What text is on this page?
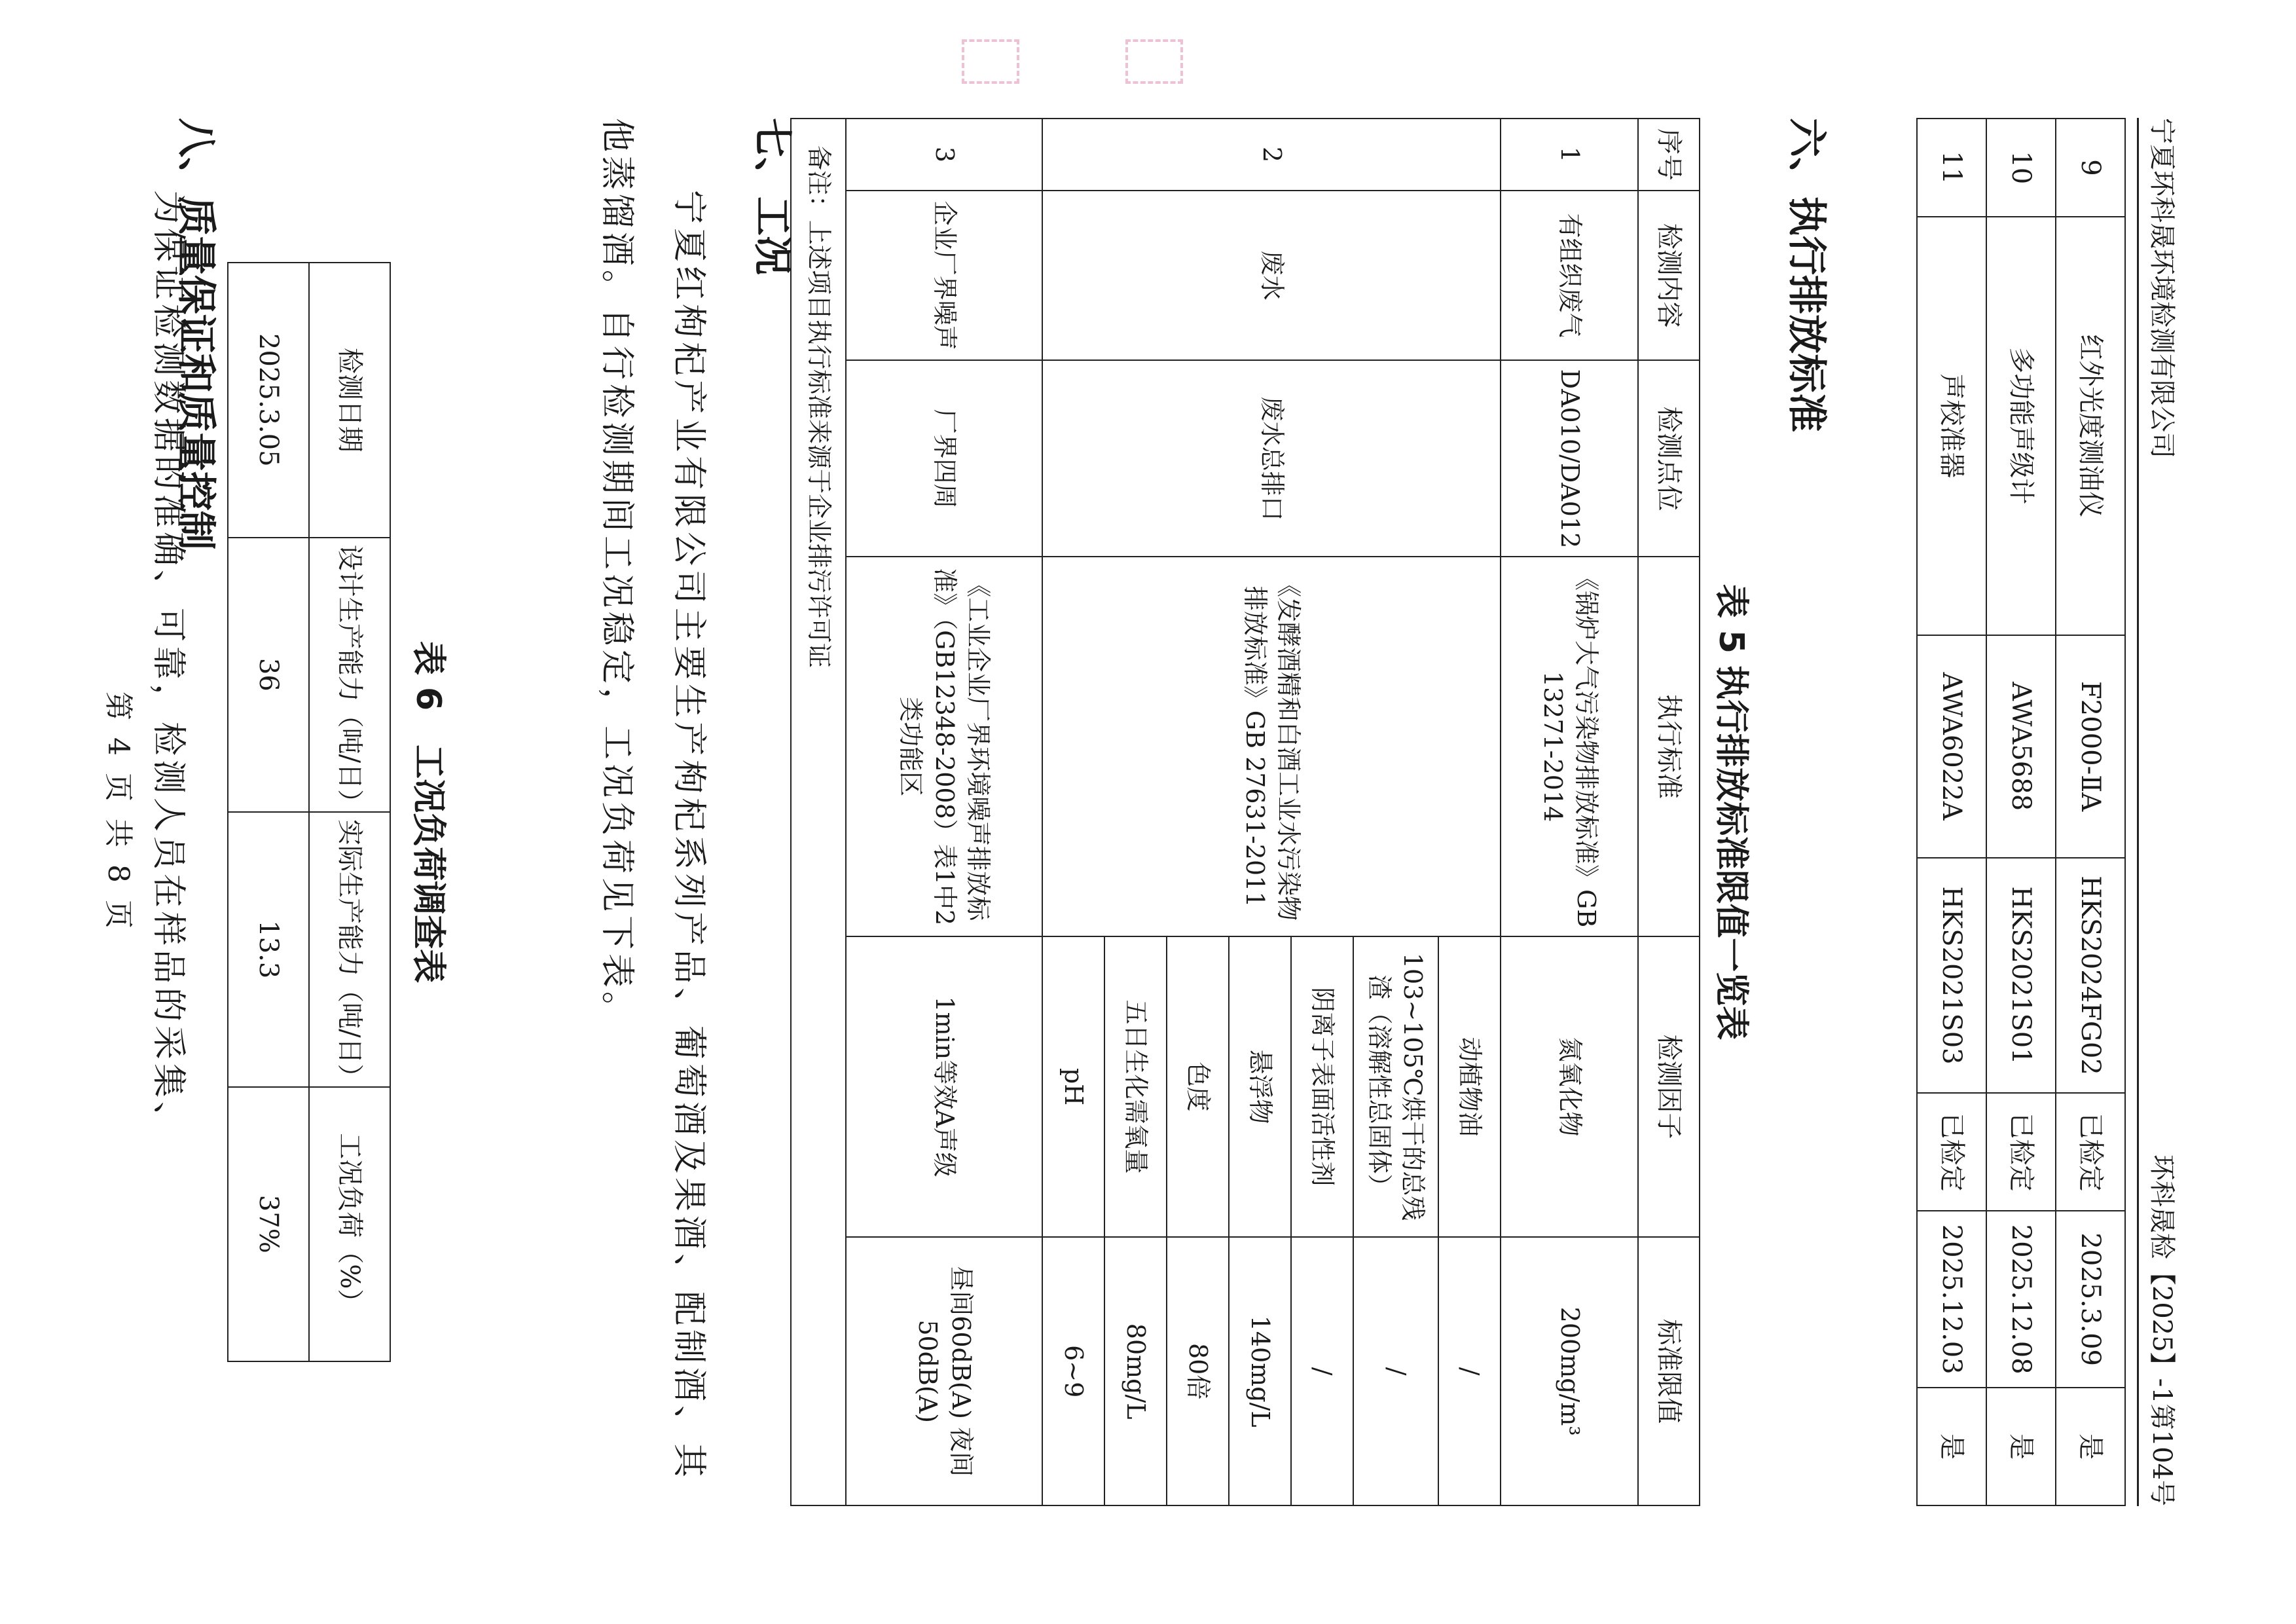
宁夏环科晟环境检测有限公司
环科晟检【2025】-1第104号
9	红外光度测油仪	F2000-ⅡA	HKS2024FG02	已检定	2025.3.09	是
10	多功能声级计	AWA5688	HKS2021S01	已检定	2025.12.08	是
11	声校准器	AWA6022A	HKS2021S03	已检定	2025.12.03	是
六、执行排放标准
表 5 执行排放标准限值一览表
序号	检测内容	检测点位	执行标准	检测因子	标准限值
1	有组织废气	DA010/DA012	《锅炉大气污染物排放标准》GB 13271-2014	氮氧化物	200mg/m³
2	废水	废水总排口	《发酵酒精和白酒工业水污染物排放标准》GB 27631-2011	动植物油	/
				103~105℃烘干的总残渣（溶解性总固体）	/
				阴离子表面活性剂	/
				悬浮物	140mg/L
				色度	80倍
				五日生化需氧量	80mg/L
				pH	6~9
3	企业厂界噪声	厂界四周	《工业企业厂界环境噪声排放标准》（GB12348-2008）表1中2类功能区	1min等效A声级	昼间60dB(A) 夜间50dB(A)
备注：上述项目执行标准来源于企业排污许可证					
七、工况
宁夏红枸杞产业有限公司主要生产枸杞系列产品、葡萄酒及果酒、配制酒、其他蒸馏酒。自行检测期间工况稳定，工况负荷见下表。
表 6　工况负荷调查表
检测日期	设计生产能力（吨/日）	实际生产能力（吨/日）	工况负荷（%）
2025.3.05	36	13.3	37%
八、质量保证和质量控制
为保证检测数据的准确、可靠，检测人员在样品的采集、
第 4 页 共 8 页
